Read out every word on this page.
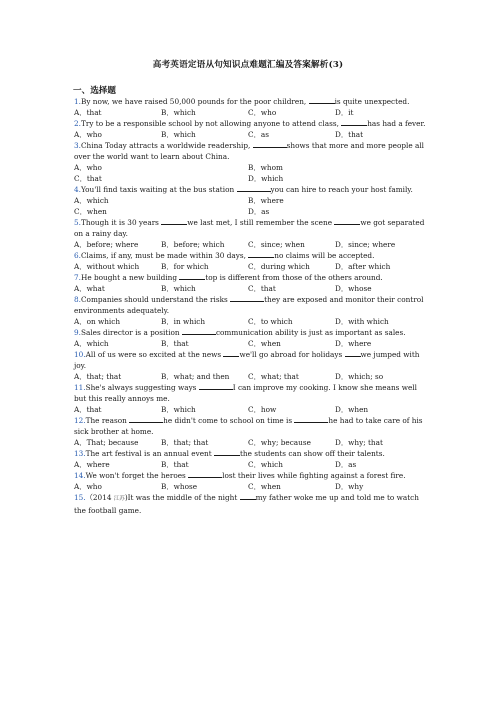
高考英语定语从句知识点难题汇编及答案解析(3)
一、选择题

1.By now, we have raised 50,000 pounds for the poor children,	is quite unexpected.

A．that	B．which	C．who	D．it

2.Try to be a responsible school by not allowing anyone to attend class,	has had a fever.

A．who	B．which	C．as	D．that

3.China Today attracts a worldwide readership,	shows that more and more people all over the world want to learn about China.

A．who	B．whom
C．that	D．which

4.You'll find taxis waiting at the bus station	you can hire to reach your host family.

A．which	B．where
C．when	D．as

5.Though it is 30 years	we last met, I still remember the scene	we got separated on a rainy day.

A．before; where	B．before; which	C．since; when	D．since; where

6.Claims, if any, must be made within 30 days,	no claims will be accepted.

A．without which	B．for which	C．during which	D．after which

7.He bought a new building	top is different from those of the others around.

A．what	B．which	C．that	D．whose

8.Companies should understand the risks	they are exposed and monitor their control environments adequately.

A．on which	B．in which	C．to which	D．with which

9.Sales director is a position	communication ability is just as important as sales.

A．which	B．that	C．when	D．where

10.All of us were so excited at the news we'll go abroad for holidays we jumped with joy.

A．that; that	B．what; and then	C．what; that	D．which; so

11.She's always suggesting ways	I can improve my cooking. I know she means well but this really annoys me.

A．that	B．which	C．how	D．when

12.The reason	he didn't come to school on time is	he had to take care of his sick brother at home.

A．That; because	B．that; that	C．why; because	D．why; that

13.The art festival is an annual event	the students can show off their talents.

A．where	B．that	C．which	D．as

14.We won't forget the heroes	lost their lives while fighting against a forest fire.

A．who	B．whose	C．when	D．why

15.（2014 江苏)It was the middle of the night my father woke me up and told me to watch the football game.
